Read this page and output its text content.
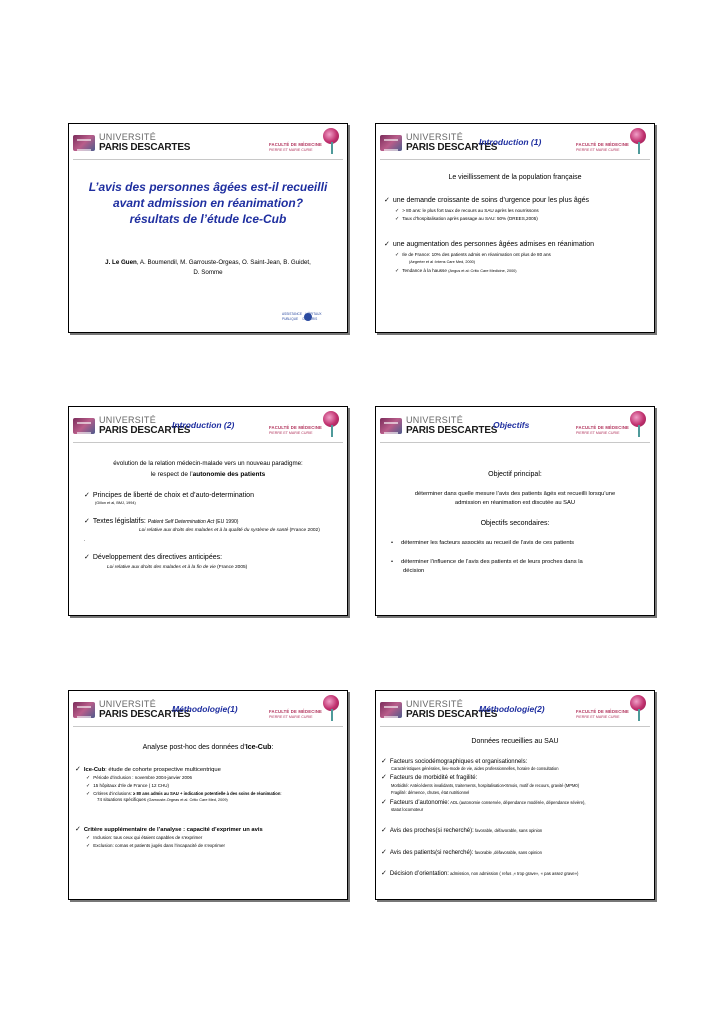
UNIVERSITÉ
PARIS DESCARTES	FACULTÉ DE MÉDECINE
PIERRE ET MARIE CURIE
L’avis des personnes âgées est-il recueilli
avant admission en réanimation?
résultats de l’étude Ice-Cub
J. Le Guen, A. Boumendil, M. Garrouste-Orgeas, O. Saint-Jean, B. Guidet,
D. Somme
ASSISTANCE    HÔPITAUX
PUBLIQUE     DE PARIS
UNIVERSITÉ
PARIS DESCARTES
Introduction (1)	FACULTÉ DE MÉDECINE
PIERRE ET MARIE CURIE
Le vieillissement de la population française
✓ une demande croissante de soins d’urgence pour les plus âgés
✓ > 80 ans: le plus fort taux de recours au SAU après les nourrissons
✓ Taux d’hospitalisation après passage au SAU: 50% (DREES,2005)
✓ une augmentation des personnes âgées admises en réanimation
✓ Ile de France: 10% des patients admis en réanimation ont plus de 80 ans
(Aegerter et al :Intens Care Med, 2000)
✓ Tendance à la hausse (Angus et al: Critic Care Medicine, 2000)
UNIVERSITÉ
PARIS DESCARTES
Introduction (2)	FACULTÉ DE MÉDECINE
PIERRE ET MARIE CURIE
évolution de la relation médecin-malade vers un nouveau paradigme:
le respect de l’autonomie des patients
✓ Principes de liberté de choix et d’auto-determination
(Gillon et al, BMJ, 1994)
✓ Textes législatifs: Patient Self Determination Act (EU 1990)
Loi relative aux droits des malades et à la qualité du système de santé (France 2002)
.
✓ Développement des directives anticipées:
Loi relative aux droits des malades et à la fin de vie (France 2005)
UNIVERSITÉ
PARIS DESCARTES
Objectifs	FACULTÉ DE MÉDECINE
PIERRE ET MARIE CURIE
Objectif principal:
déterminer dans quelle mesure l’avis des patients âgés est recueilli lorsqu’une
admission en réanimation est discutée au SAU
Objectifs secondaires:
• déterminer les facteurs associés au recueil de l’avis de ces patients
• déterminer l’influence de l’avis des patients et de leurs proches dans la
décision
UNIVERSITÉ
PARIS DESCARTES
Méthodologie(1)	FACULTÉ DE MÉDECINE
PIERRE ET MARIE CURIE
Analyse post-hoc des données d’Ice-Cub:
✓ Ice-Cub: étude de cohorte prospective multicentrique
✓ Période d’inclusion : novembre 2004-janvier 2006
✓ 15 hôpitaux d’Ile de France ( 12 CHU)
✓ Critères d’inclusions: ≥ 80 ans admis au SAU + indication potentielle à des soins de réanimation:
74 situations spécifiques (Garrouste-Orgeas et al. Critic Care Med, 2009)
✓ Critère supplémentaire de l’analyse : capacité d’exprimer un avis
✓ Inclusion: tous ceux qui étaient capables de s’exprimer
✓ Exclusion: comas et patients jugés dans l’incapacité de s’exprimer
UNIVERSITÉ
PARIS DESCARTES
Méthodologie(2)	FACULTÉ DE MÉDECINE
PIERRE ET MARIE CURIE
Données recueillies au SAU
✓ Facteurs sociodémographiques et organisationnels:
Caractéristiques générales, lieu-mode de vie, aides professionnelles, horaire de consultation
✓ Facteurs de morbidité et fragilité:
Morbidité: Antécédents invalidants, traitements, hospitalisation<6mois, motif de recours, gravité (MPM0)
Fragilité: démence, chutes, état nutritionnel
✓ Facteurs d’autonomie: ADL (autonomie conservée, dépendance modérée, dépendance sévère),
statut locomoteur
✓ Avis des proches(si recherché): favorable, défavorable, sans opinion
✓ Avis des patients(si recherché): favorable ,défavorable, sans opinion
✓ Décision d’orientation: admission, non admission ( refus ,« trop grave», « pas assez grave»)
